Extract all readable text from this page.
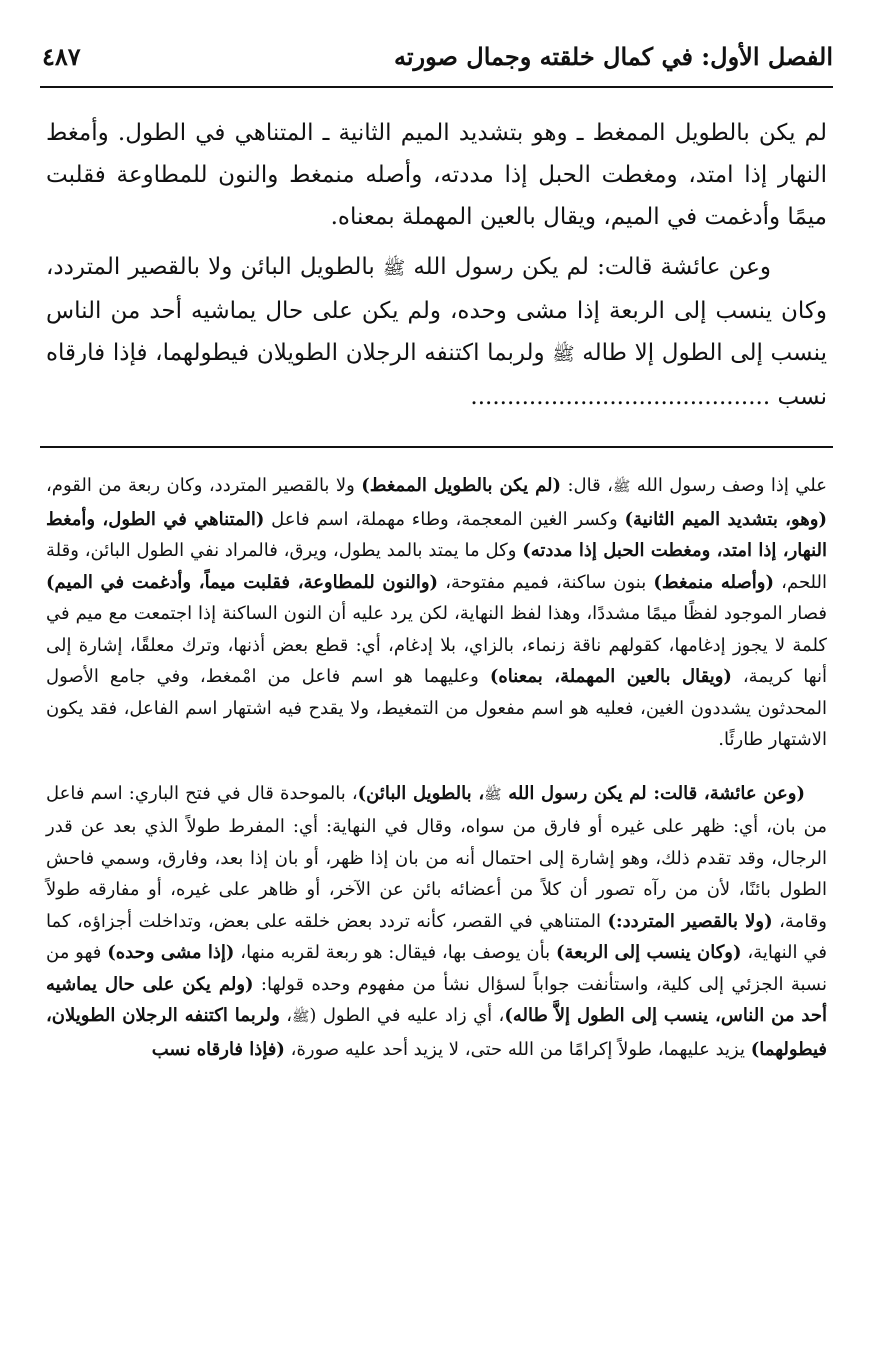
الفصل الأول: في كمال خلقته وجمال صورته
٤٨٧

لم يكن بالطويل الممغط ـ وهو بتشديد الميم الثانية ـ المتناهي في الطول. وأمغط النهار إذا امتد، ومغطت الحبل إذا مددته، وأصله منمغط والنون للمطاوعة فقلبت ميمًا وأدغمت في الميم، ويقال بالعين المهملة بمعناه.

وعن عائشة قالت: لم يكن رسول الله ﷺ بالطويل البائن ولا بالقصير المتردد، وكان ينسب إلى الربعة إذا مشى وحده، ولم يكن على حال يماشيه أحد من الناس ينسب إلى الطول إلا طاله ﷺ ولربما اكتنفه الرجلان الطويلان فيطولهما، فإذا فارقاه نسب .........................................

علي إذا وصف رسول الله ﷺ، قال: (لم يكن بالطويل الممغط) ولا بالقصير المتردد، وكان ربعة من القوم، (وهو، بتشديد الميم الثانية) وكسر الغين المعجمة، وطاء مهملة، اسم فاعل (المتناهي في الطول، وأمغط النهار، إذا امتد، ومغطت الحبل إذا مددته) وكل ما يمتد بالمد يطول، ويرق، فالمراد نفي الطول البائن، وقلة اللحم، (وأصله منمغط) بنون ساكنة، فميم مفتوحة، (والنون للمطاوعة، فقلبت ميماً، وأدغمت في الميم) فصار الموجود لفظًا ميمًا مشددًا، وهذا لفظ النهاية، لكن يرد عليه أن النون الساكنة إذا اجتمعت مع ميم في كلمة لا يجوز إدغامها، كقولهم ناقة زنماء، بالزاي، بلا إدغام، أي: قطع بعض أذنها، وترك معلقًا، إشارة إلى أنها كريمة، (ويقال بالعين المهملة، بمعناه) وعليهما هو اسم فاعل من امْمغط، وفي جامع الأصول المحدثون يشددون الغين، فعليه هو اسم مفعول من التمغيط، ولا يقدح فيه اشتهار اسم الفاعل، فقد يكون الاشتهار طارئًا.

(وعن عائشة، قالت: لم يكن رسول الله ﷺ، بالطويل البائن)، بالموحدة قال في فتح الباري: اسم فاعل من بان، أي: ظهر على غيره أو فارق من سواه، وقال في النهاية: أي: المفرط طولاً الذي بعد عن قدر الرجال، وقد تقدم ذلك، وهو إشارة إلى احتمال أنه من بان إذا ظهر، أو بان إذا بعد، وفارق، وسمي فاحش الطول بائنًا، لأن من رآه تصور أن كلاً من أعضائه بائن عن الآخر، أو ظاهر على غيره، أو مفارقه طولاً وقامة، (ولا بالقصير المتردد:) المتناهي في القصر، كأنه تردد بعض خلقه على بعض، وتداخلت أجزاؤه، كما في النهاية، (وكان ينسب إلى الربعة) بأن يوصف بها، فيقال: هو ربعة لقربه منها، (إذا مشى وحده) فهو من نسبة الجزئي إلى كلية، واستأنفت جواباً لسؤال نشأ من مفهوم وحده قولها: (ولم يكن على حال يماشيه أحد من الناس، ينسب إلى الطول إلاَّ طاله)، أي زاد عليه في الطول (ﷺ، ولربما اكتنفه الرجلان الطويلان، فيطولهما) يزيد عليهما، طولاً إكرامًا من الله حتى، لا يزيد أحد عليه صورة، (فإذا فارقاه نسب
